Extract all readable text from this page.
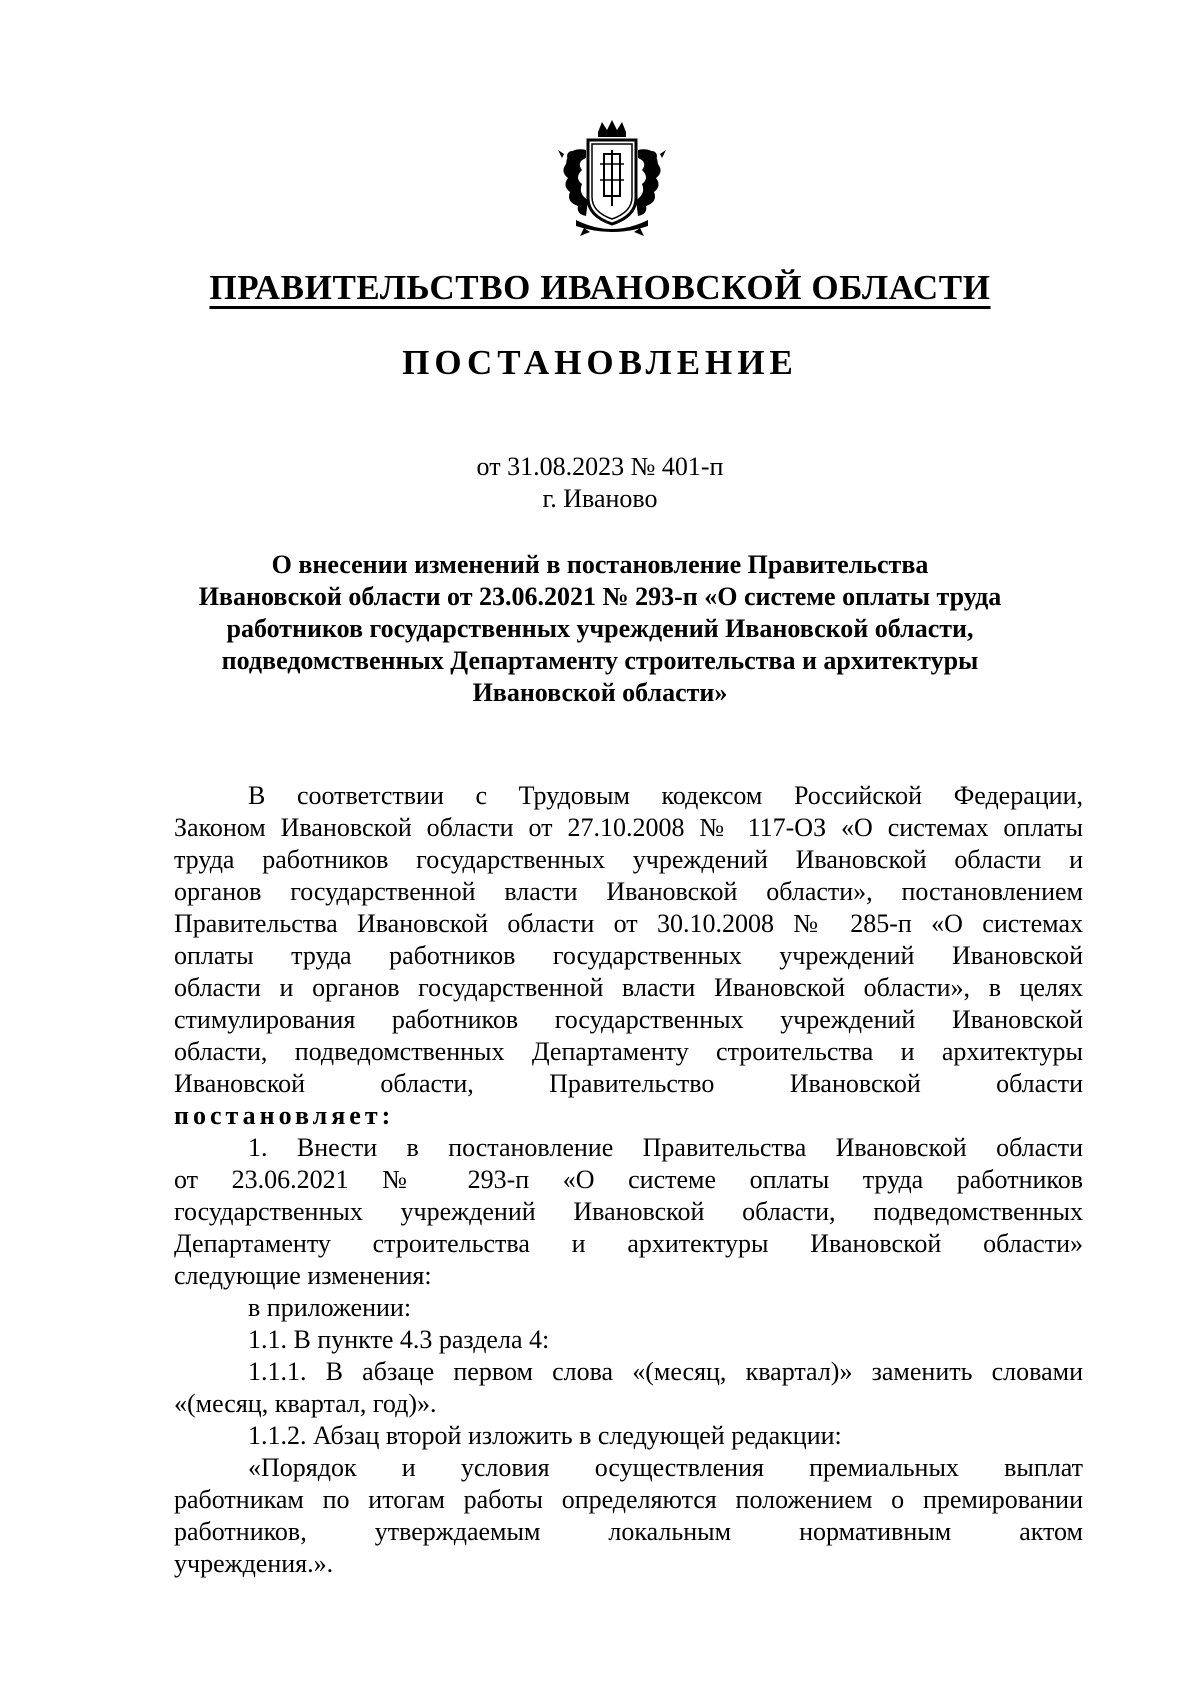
ПРАВИТЕЛЬСТВО ИВАНОВСКОЙ ОБЛАСТИ
ПОСТАНОВЛЕНИЕ
от 31.08.2023 № 401-п
г. Иваново
О внесении изменений в постановление Правительства
Ивановской области от 23.06.2021 № 293-п «О системе оплаты труда
работников государственных учреждений Ивановской области,
подведомственных Департаменту строительства и архитектуры
Ивановской области»
В соответствии с Трудовым кодексом Российской Федерации,
Законом Ивановской области от 27.10.2008 № 117-ОЗ «О системах оплаты
труда работников государственных учреждений Ивановской области и
органов государственной власти Ивановской области», постановлением
Правительства Ивановской области от 30.10.2008 № 285-п «О системах
оплаты труда работников государственных учреждений Ивановской
области и органов государственной власти Ивановской области», в целях
стимулирования работников государственных учреждений Ивановской
области, подведомственных Департаменту строительства и архитектуры
Ивановской области, Правительство Ивановской области
постановляет:
1. Внести в постановление Правительства Ивановской области
от 23.06.2021 № 293-п «О системе оплаты труда работников
государственных учреждений Ивановской области, подведомственных
Департаменту строительства и архитектуры Ивановской области»
следующие изменения:
в приложении:
1.1. В пункте 4.3 раздела 4:
1.1.1. В абзаце первом слова «(месяц, квартал)» заменить словами
«(месяц, квартал, год)».
1.1.2. Абзац второй изложить в следующей редакции:
«Порядок и условия осуществления премиальных выплат
работникам по итогам работы определяются положением о премировании
работников, утверждаемым локальным нормативным актом
учреждения.».
